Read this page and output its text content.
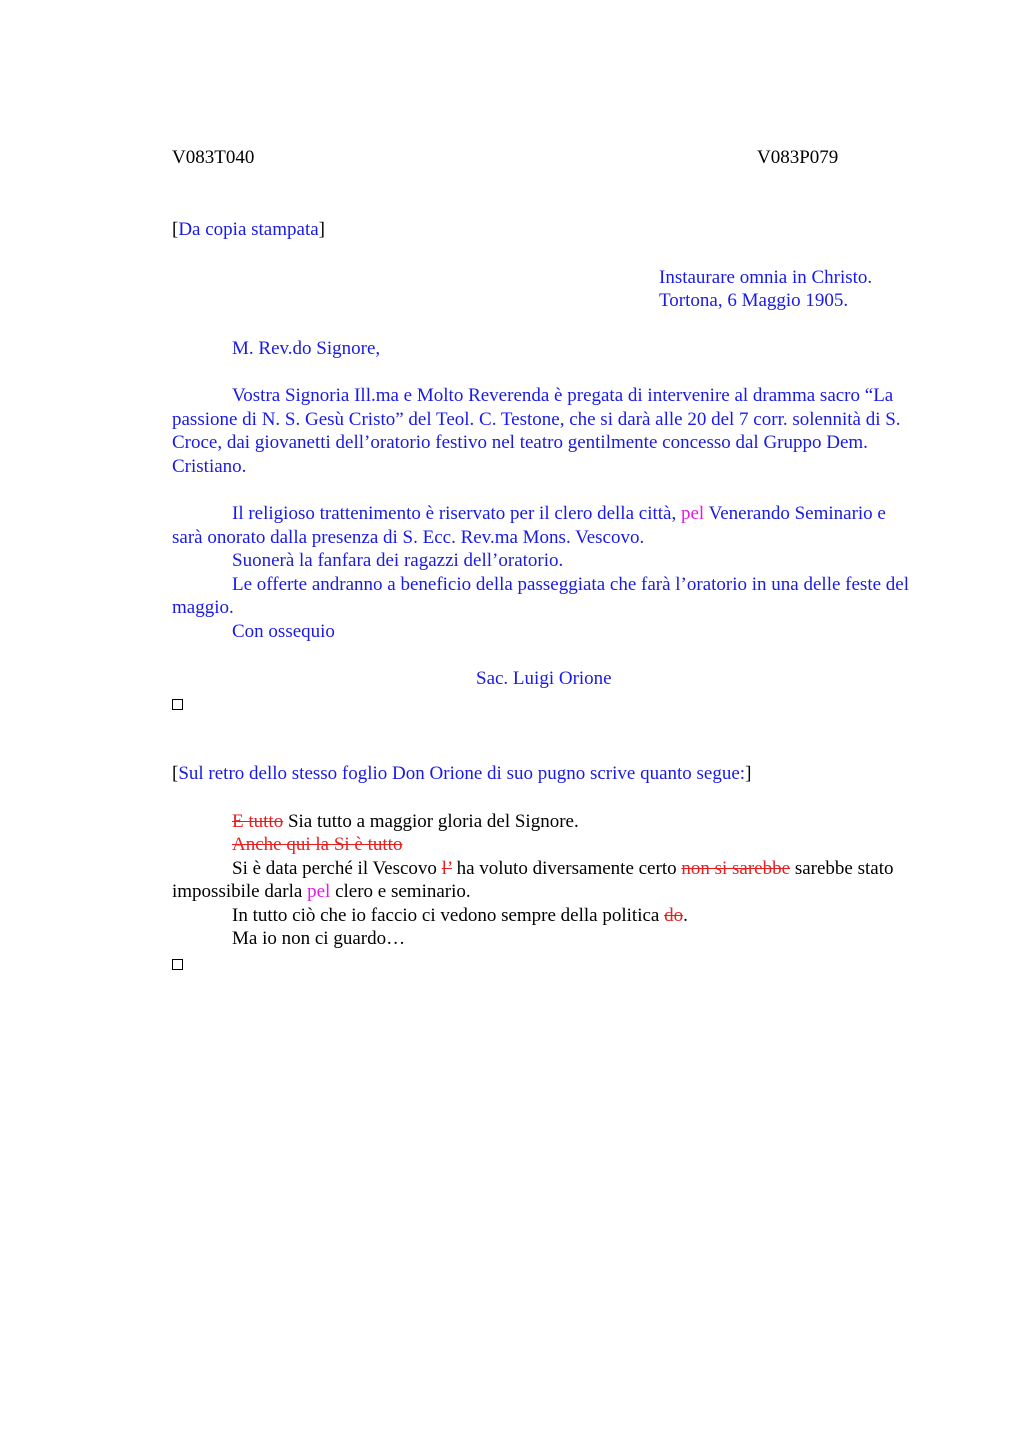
V083T040	V083P079

[Da copia stampata]

Instaurare omnia in Christo.

Tortona, 6 Maggio 1905.

M. Rev.do Signore,

Vostra Signoria Ill.ma e Molto Reverenda è pregata di intervenire al dramma sacro “La passione di N. S. Gesù Cristo” del Teol. C. Testone, che si darà alle 20 del 7 corr. solennità di S. Croce, dai giovanetti dell’oratorio festivo nel teatro gentilmente concesso dal Gruppo Dem. Cristiano.

Il religioso trattenimento è riservato per il clero della città, pel Venerando Seminario e sarà onorato dalla presenza di S. Ecc. Rev.ma Mons. Vescovo.

Suonerà la fanfara dei ragazzi dell’oratorio.

Le offerte andranno a beneficio della passeggiata che farà l’oratorio in una delle feste del maggio.

Con ossequio

Sac. Luigi Orione

[Sul retro dello stesso foglio Don Orione di suo pugno scrive quanto segue:]

E tutto Sia tutto a maggior gloria del Signore.

Anche qui la Si è tutto

Si è data perché il Vescovo l’ ha voluto diversamente certo non si sarebbe sarebbe stato impossibile darla pel clero e seminario.

In tutto ciò che io faccio ci vedono sempre della politica do.

Ma io non ci guardo…
